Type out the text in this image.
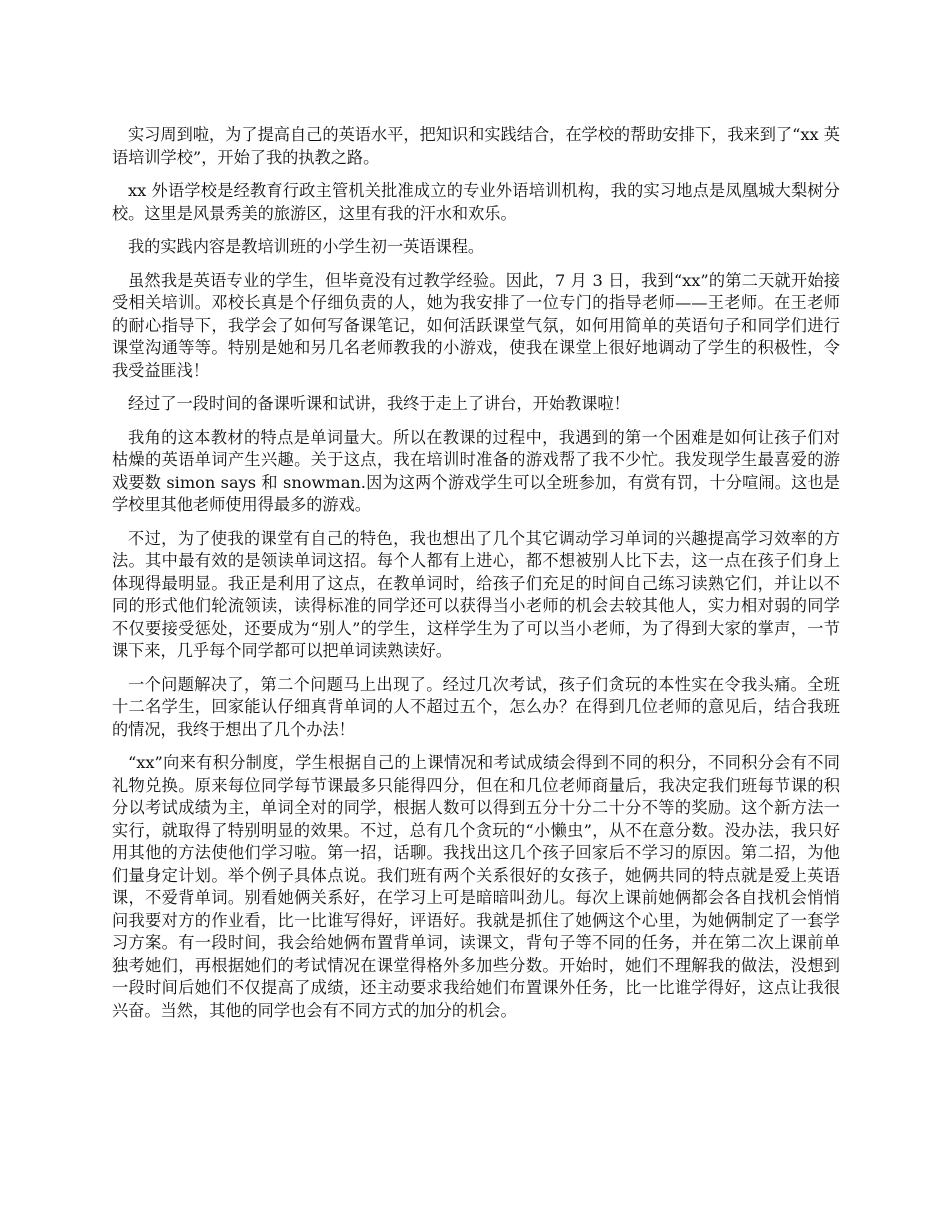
实习周到啦，为了提高自己的英语水平，把知识和实践结合，在学校的帮助安排下，我来到了“xx 英语培训学校”，开始了我的执教之路。

xx 外语学校是经教育行政主管机关批准成立的专业外语培训机构，我的实习地点是凤凰城大梨树分校。这里是风景秀美的旅游区，这里有我的汗水和欢乐。

我的实践内容是教培训班的小学生初一英语课程。

虽然我是英语专业的学生，但毕竟没有过教学经验。因此，7 月 3 日，我到“xx”的第二天就开始接受相关培训。邓校长真是个仔细负责的人，她为我安排了一位专门的指导老师——王老师。在王老师的耐心指导下，我学会了如何写备课笔记，如何活跃课堂气氛，如何用简单的英语句子和同学们进行课堂沟通等等。特别是她和另几名老师教我的小游戏，使我在课堂上很好地调动了学生的积极性，令我受益匪浅！

经过了一段时间的备课听课和试讲，我终于走上了讲台，开始教课啦！

我角的这本教材的特点是单词量大。所以在教课的过程中，我遇到的第一个困难是如何让孩子们对枯燥的英语单词产生兴趣。关于这点，我在培训时准备的游戏帮了我不少忙。我发现学生最喜爱的游戏要数 simon says 和 snowman.因为这两个游戏学生可以全班参加，有赏有罚，十分喧闹。这也是学校里其他老师使用得最多的游戏。

不过，为了使我的课堂有自己的特色，我也想出了几个其它调动学习单词的兴趣提高学习效率的方法。其中最有效的是领读单词这招。每个人都有上进心，都不想被别人比下去，这一点在孩子们身上体现得最明显。我正是利用了这点，在教单词时，给孩子们充足的时间自己练习读熟它们，并让以不同的形式他们轮流领读，读得标准的同学还可以获得当小老师的机会去较其他人，实力相对弱的同学不仅要接受惩处，还要成为“别人”的学生，这样学生为了可以当小老师，为了得到大家的掌声，一节课下来，几乎每个同学都可以把单词读熟读好。

一个问题解决了，第二个问题马上出现了。经过几次考试，孩子们贪玩的本性实在令我头痛。全班十二名学生，回家能认仔细真背单词的人不超过五个，怎么办？在得到几位老师的意见后，结合我班的情况，我终于想出了几个办法！

“xx”向来有积分制度，学生根据自己的上课情况和考试成绩会得到不同的积分，不同积分会有不同礼物兑换。原来每位同学每节课最多只能得四分，但在和几位老师商量后，我决定我们班每节课的积分以考试成绩为主，单词全对的同学，根据人数可以得到五分十分二十分不等的奖励。这个新方法一实行，就取得了特别明显的效果。不过，总有几个贪玩的“小懒虫”，从不在意分数。没办法，我只好用其他的方法使他们学习啦。第一招，话聊。我找出这几个孩子回家后不学习的原因。第二招，为他们量身定计划。举个例子具体点说。我们班有两个关系很好的女孩子，她俩共同的特点就是爱上英语课，不爱背单词。别看她俩关系好，在学习上可是暗暗叫劲儿。每次上课前她俩都会各自找机会悄悄问我要对方的作业看，比一比谁写得好，评语好。我就是抓住了她俩这个心里，为她俩制定了一套学习方案。有一段时间，我会给她俩布置背单词，读课文，背句子等不同的任务，并在第二次上课前单独考她们，再根据她们的考试情况在课堂得格外多加些分数。开始时，她们不理解我的做法，没想到一段时间后她们不仅提高了成绩，还主动要求我给她们布置课外任务，比一比谁学得好，这点让我很兴奋。当然，其他的同学也会有不同方式的加分的机会。
